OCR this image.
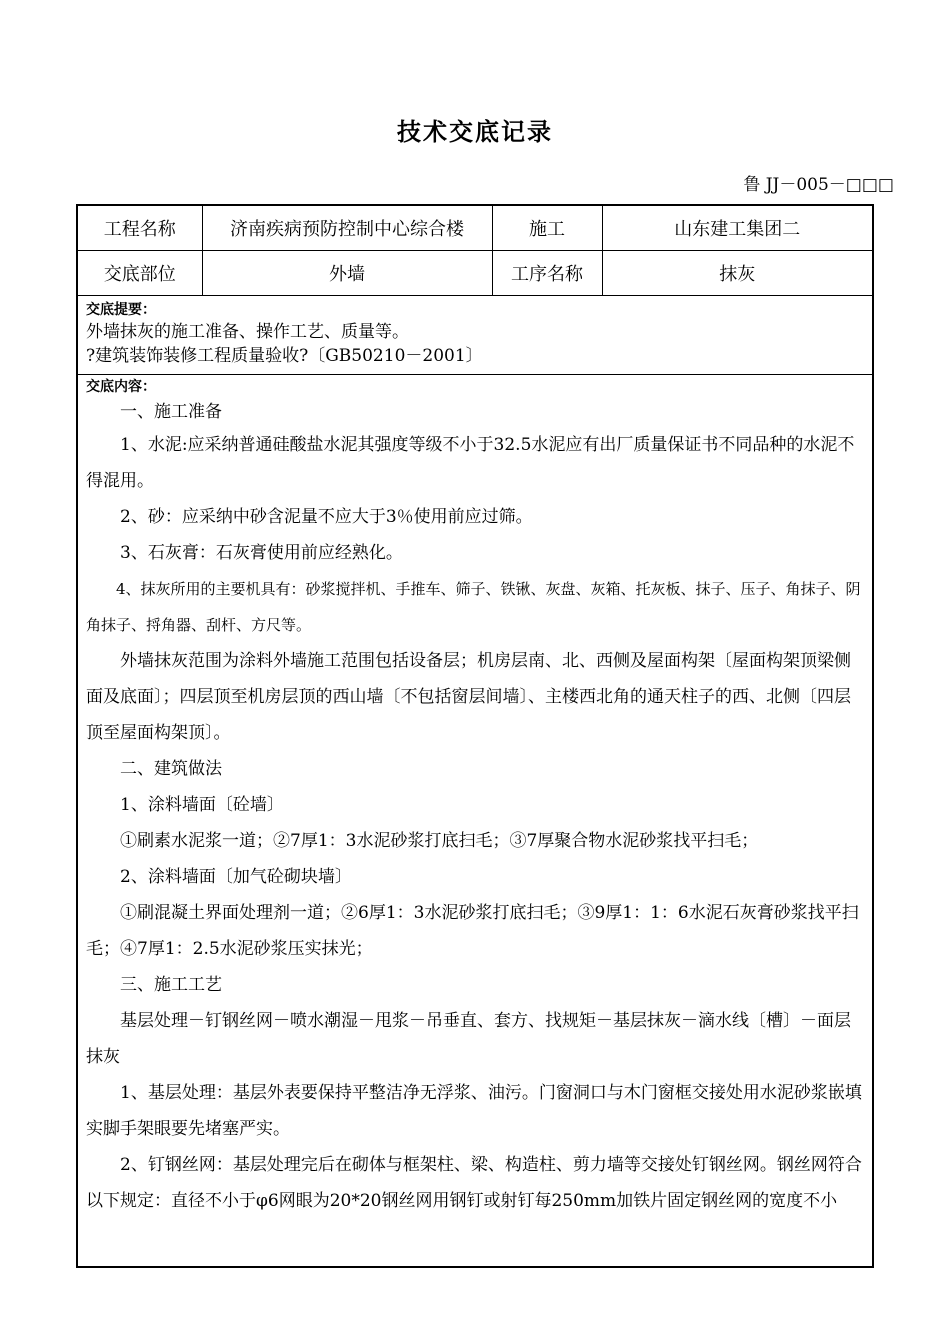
技术交底记录
鲁 JJ－005－□□□
工程名称	济南疾病预防控制中心综合楼	施工	山东建工集团二
交底部位	外墙	工序名称	抹灰
交底提要：
外墙抹灰的施工准备、操作工艺、质量等。
?建筑装饰装修工程质量验收?〔GB50210－2001〕
交底内容：

一、施工准备

1、水泥:应采纳普通硅酸盐水泥其强度等级不小于32.5水泥应有出厂质量保证书不同品种的水泥不得混用。

2、砂：应采纳中砂含泥量不应大于3％使用前应过筛。

3、石灰膏：石灰膏使用前应经熟化。

4、抹灰所用的主要机具有：砂浆搅拌机、手推车、筛子、铁锹、灰盘、灰箱、托灰板、抹子、压子、角抹子、阴角抹子、捋角器、刮杆、方尺等。

外墙抹灰范围为涂料外墙施工范围包括设备层；机房层南、北、西侧及屋面构架〔屋面构架顶梁侧面及底面〕；四层顶至机房层顶的西山墙〔不包括窗层间墙〕、主楼西北角的通天柱子的西、北侧〔四层顶至屋面构架顶〕。

二、建筑做法

1、涂料墙面〔砼墙〕

①刷素水泥浆一道；②7厚1：3水泥砂浆打底扫毛；③7厚聚合物水泥砂浆找平扫毛；

2、涂料墙面〔加气砼砌块墙〕

①刷混凝土界面处理剂一道；②6厚1：3水泥砂浆打底扫毛；③9厚1：1：6水泥石灰膏砂浆找平扫毛；④7厚1：2.5水泥砂浆压实抹光；

三、施工工艺

基层处理－钉钢丝网－喷水潮湿－甩浆－吊垂直、套方、找规矩－基层抹灰－滴水线〔槽〕－面层抹灰

1、基层处理：基层外表要保持平整洁净无浮浆、油污。门窗洞口与木门窗框交接处用水泥砂浆嵌填实脚手架眼要先堵塞严实。

2、钉钢丝网：基层处理完后在砌体与框架柱、梁、构造柱、剪力墙等交接处钉钢丝网。钢丝网符合以下规定：直径不小于φ6网眼为20*20钢丝网用钢钉或射钉每250mm加铁片固定钢丝网的宽度不小
